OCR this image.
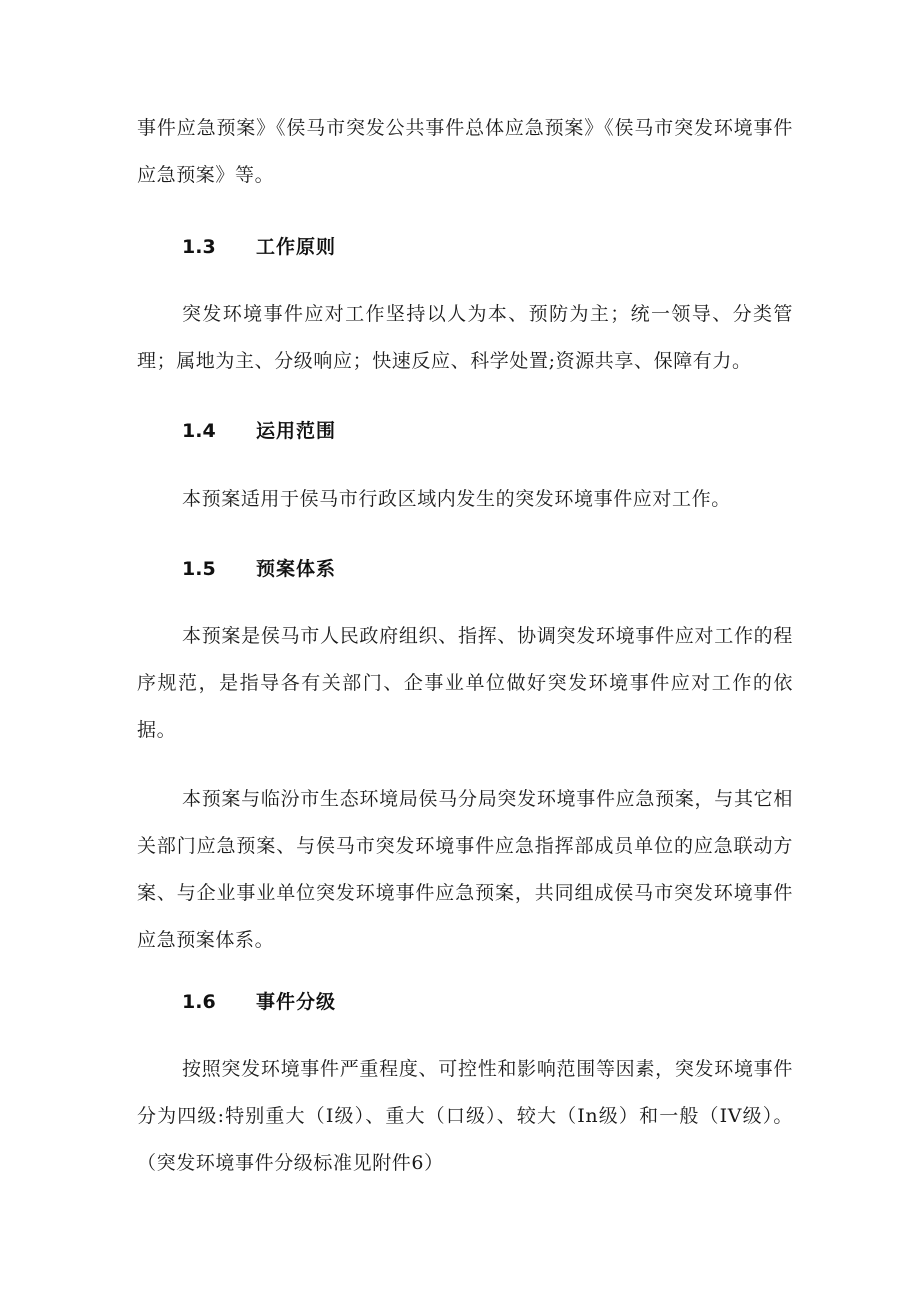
事件应急预案》《侯马市突发公共事件总体应急预案》《侯马市突发环境事件应急预案》等。

1.3 工作原则

突发环境事件应对工作坚持以人为本、预防为主；统一领导、分类管理；属地为主、分级响应；快速反应、科学处置;资源共享、保障有力。

1.4 运用范围

本预案适用于侯马市行政区域内发生的突发环境事件应对工作。

1.5 预案体系

本预案是侯马市人民政府组织、指挥、协调突发环境事件应对工作的程序规范，是指导各有关部门、企事业单位做好突发环境事件应对工作的依据。

本预案与临汾市生态环境局侯马分局突发环境事件应急预案，与其它相关部门应急预案、与侯马市突发环境事件应急指挥部成员单位的应急联动方案、与企业事业单位突发环境事件应急预案，共同组成侯马市突发环境事件应急预案体系。

1.6 事件分级

按照突发环境事件严重程度、可控性和影响范围等因素，突发环境事件分为四级:特别重大（I级）、重大（口级）、较大（In级）和一般（IV级）。（突发环境事件分级标准见附件6）
